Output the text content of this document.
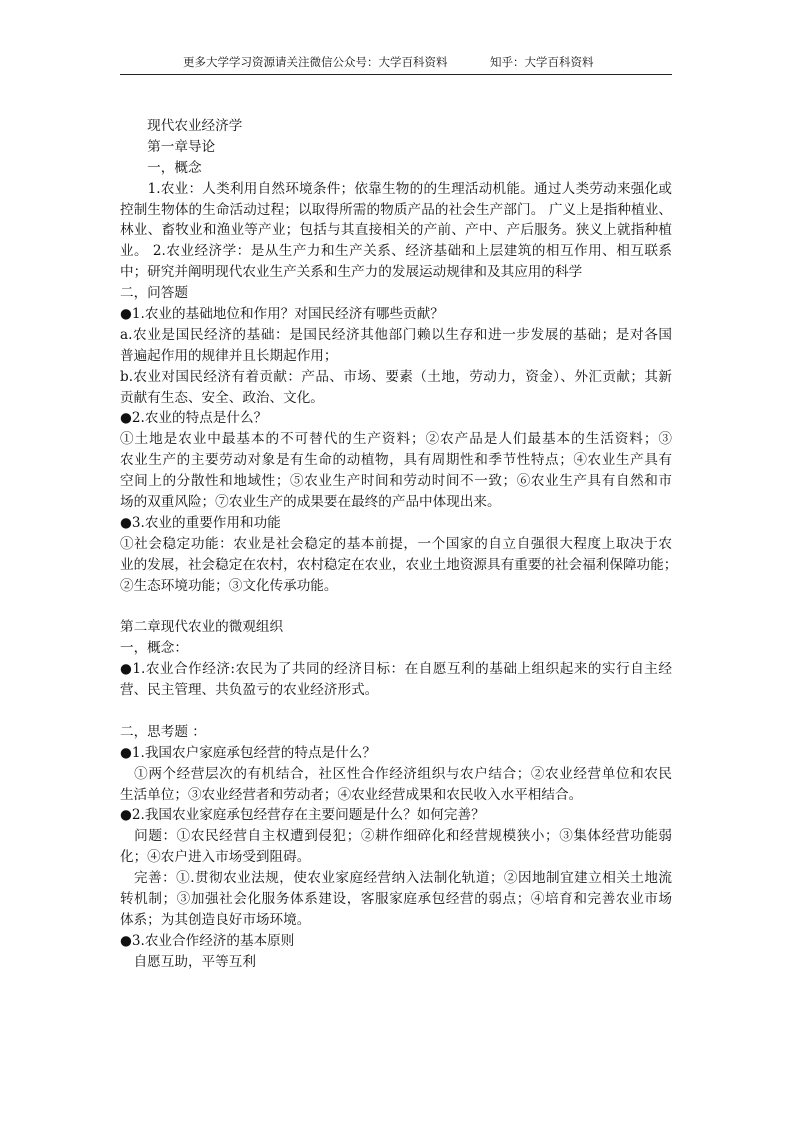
更多大学学习资源请关注微信公众号：大学百科资料	知乎：大学百科资料
　　现代农业经济学
　　第一章导论
　　一，概念
　　1.农业：人类利用自然环境条件；依靠生物的的生理活动机能。通过人类劳动来强化或
控制生物体的生命活动过程；以取得所需的物质产品的社会生产部门。 广义上是指种植业、
林业、畜牧业和渔业等产业；包括与其直接相关的产前、产中、产后服务。狭义上就指种植
业。 2.农业经济学：是从生产力和生产关系、经济基础和上层建筑的相互作用、相互联系
中；研究并阐明现代农业生产关系和生产力的发展运动规律和及其应用的科学
二，问答题
●1.农业的基础地位和作用？对国民经济有哪些贡献？
a.农业是国民经济的基础：是国民经济其他部门赖以生存和进一步发展的基础；是对各国
普遍起作用的规律并且长期起作用；
b.农业对国民经济有着贡献：产品、市场、要素（土地，劳动力，资金）、外汇贡献；其新
贡献有生态、安全、政治、文化。
●2.农业的特点是什么？
①土地是农业中最基本的不可替代的生产资料；②农产品是人们最基本的生活资料；③
农业生产的主要劳动对象是有生命的动植物，具有周期性和季节性特点；④农业生产具有
空间上的分散性和地域性；⑤农业生产时间和劳动时间不一致；⑥农业生产具有自然和市
场的双重风险；⑦农业生产的成果要在最终的产品中体现出来。
●3.农业的重要作用和功能
①社会稳定功能：农业是社会稳定的基本前提，一个国家的自立自强很大程度上取决于农
业的发展，社会稳定在农村，农村稳定在农业，农业土地资源具有重要的社会福利保障功能；
②生态环境功能；③文化传承功能。
第二章现代农业的微观组织
一，概念：
●1.农业合作经济:农民为了共同的经济目标：在自愿互利的基础上组织起来的实行自主经
营、民主管理、共负盈亏的农业经济形式。
二，思考题 ：
●1.我国农户家庭承包经营的特点是什么？
　①两个经营层次的有机结合，社区性合作经济组织与农户结合；②农业经营单位和农民
生活单位；③农业经营者和劳动者；④农业经营成果和农民收入水平相结合。
●2.我国农业家庭承包经营存在主要问题是什么？如何完善？
　问题：①农民经营自主权遭到侵犯；②耕作细碎化和经营规模狭小；③集体经营功能弱
化；④农户进入市场受到阻碍。
　完善：①.贯彻农业法规，使农业家庭经营纳入法制化轨道；②因地制宜建立相关土地流
转机制；③加强社会化服务体系建设，客服家庭承包经营的弱点；④培育和完善农业市场
体系；为其创造良好市场环境。
●3.农业合作经济的基本原则
　自愿互助，平等互利
